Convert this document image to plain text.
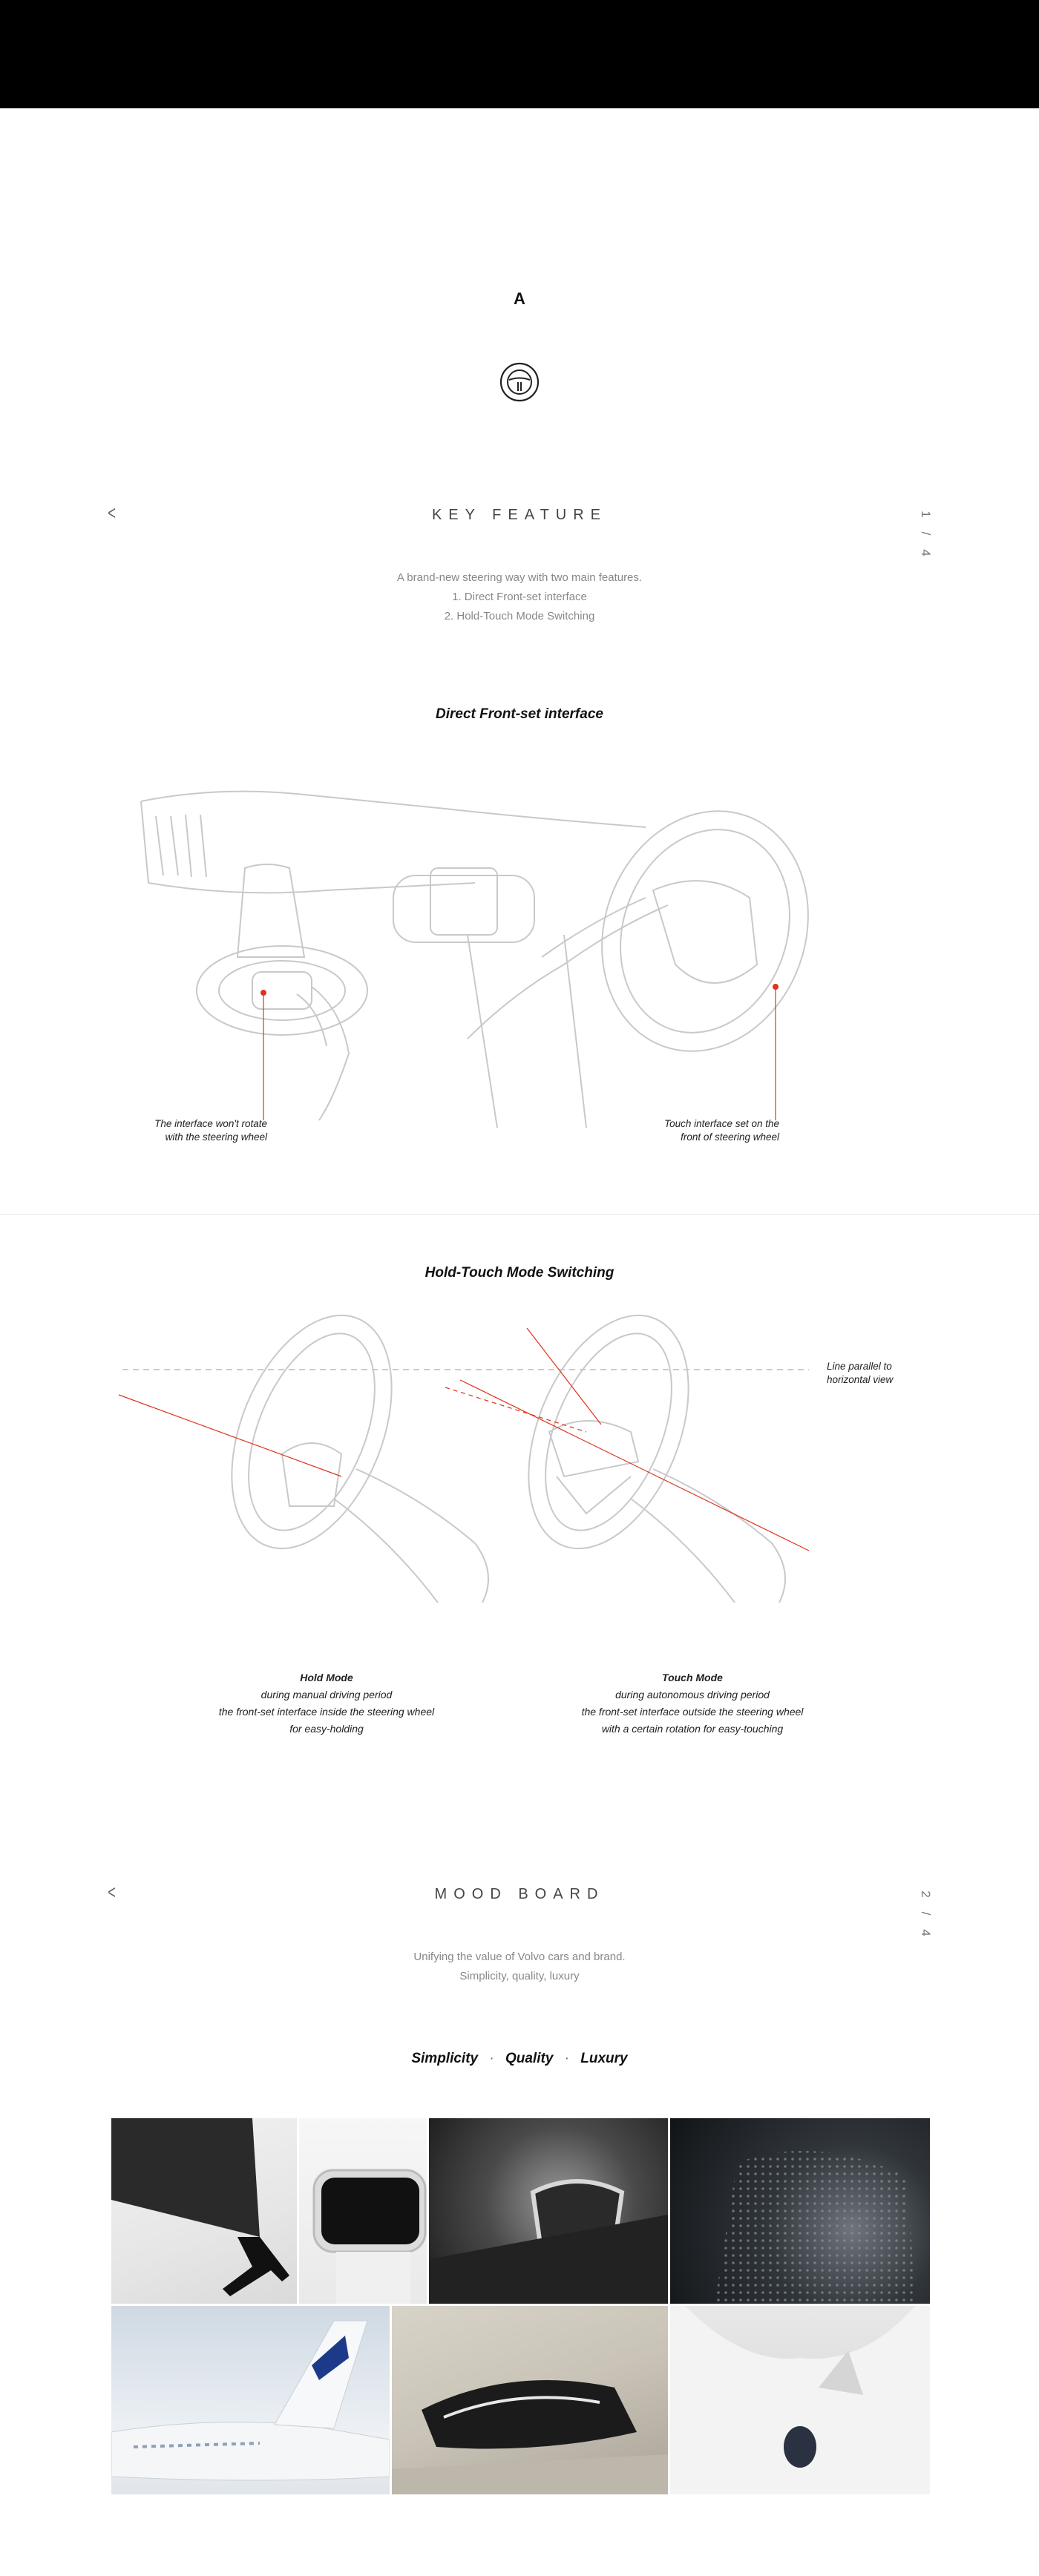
A
<	KEY FEATURE	1
/
4
A brand-new steering way with two main features.
1. Direct Front-set interface
2. Hold-Touch Mode Switching
Direct Front-set interface
The interface won't rotate
with the steering wheel
Touch interface set on the
front of steering wheel
Hold-Touch Mode Switching
Line parallel to
horizontal view
Hold Mode
during manual driving period
the front-set interface inside the steering wheel
for easy-holding
Touch Mode
during autonomous driving period
the front-set interface outside the steering wheel
with a certain rotation for easy-touching
<	MOOD BOARD	2
/
4
Unifying the value of Volvo cars and brand.
Simplicity, quality, luxury
Simplicity · Quality · Luxury
